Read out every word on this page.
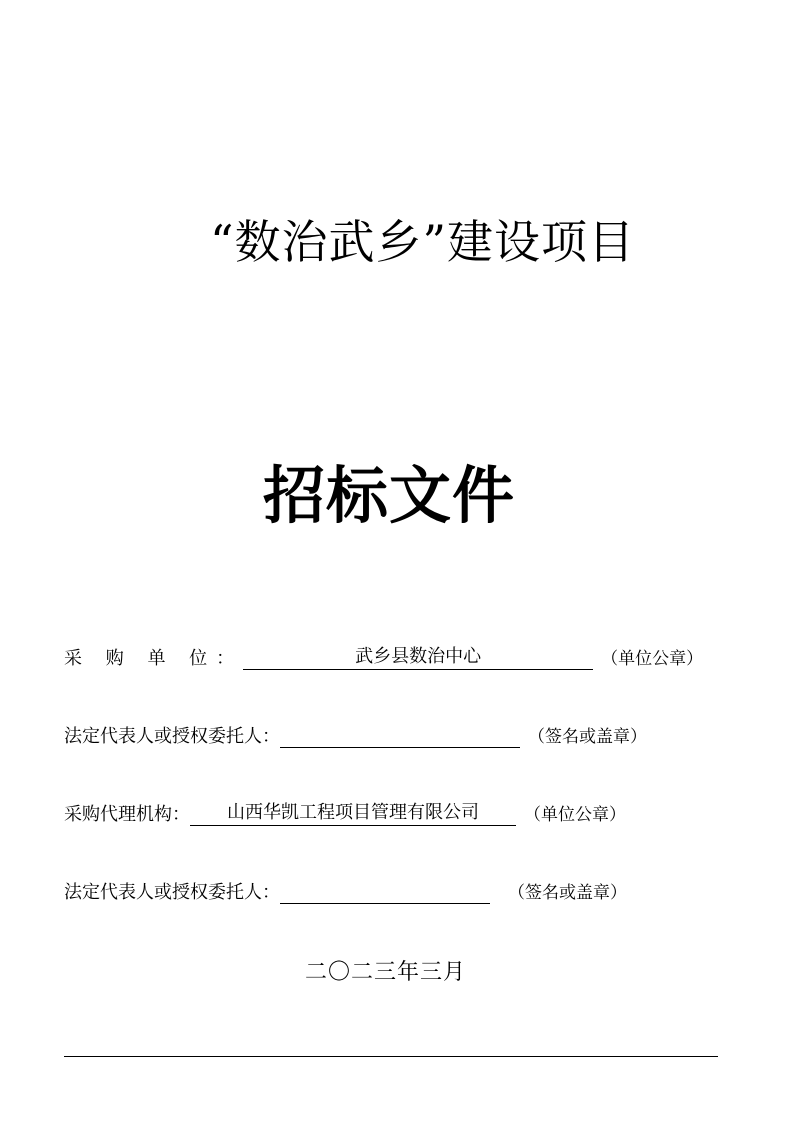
“数治武乡”建设项目
招标文件
采 购 单 位：	武乡县数治中心	（单位公章）
法定代表人或授权委托人：	（签名或盖章）
采购代理机构：	山西华凯工程项目管理有限公司	（单位公章）
法定代表人或授权委托人：	（签名或盖章）
二〇二三年三月
